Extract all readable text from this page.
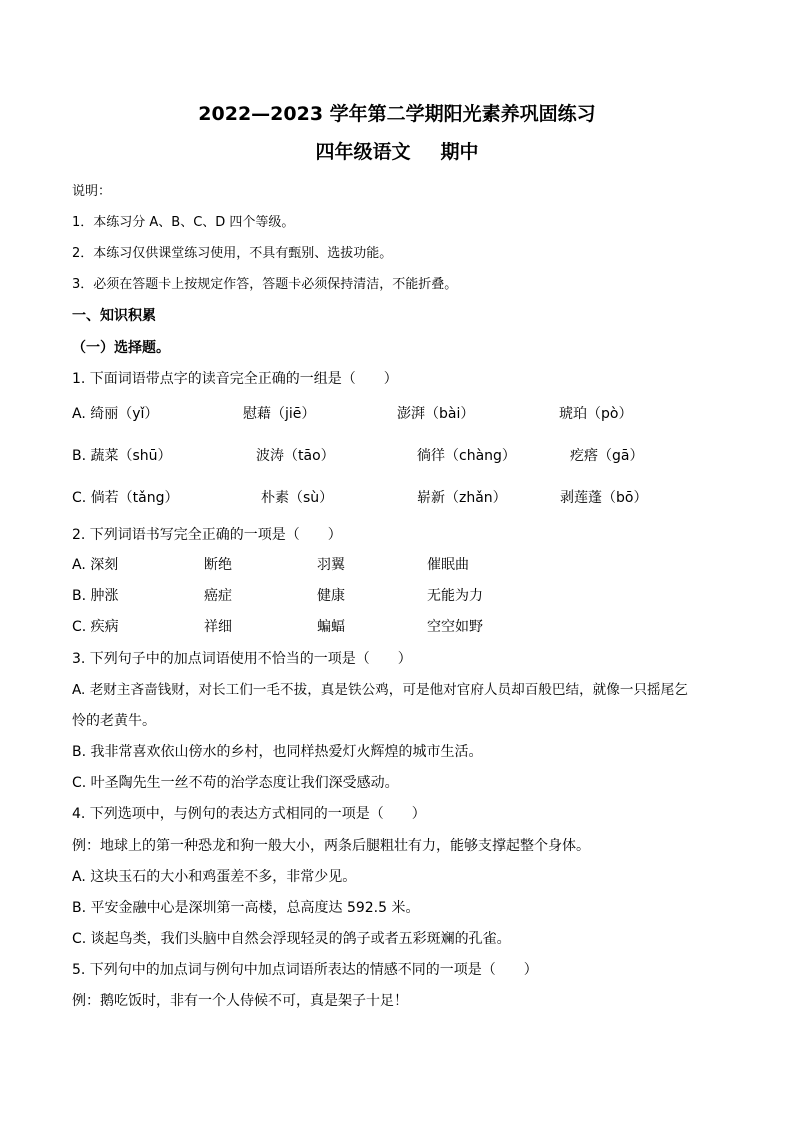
2022—2023 学年第二学期阳光素养巩固练习
四年级语文 期中
说明：
1．本练习分 A、B、C、D 四个等级。
2．本练习仅供课堂练习使用，不具有甄别、选拔功能。
3．必须在答题卡上按规定作答，答题卡必须保持清洁，不能折叠。
一、知识积累
（一）选择题。
1. 下面词语带点字的读音完全正确的一组是（　　）
A. 绮丽（yǐ）	慰藉（jiē）	澎湃（bài）	琥珀（pò）
B. 蔬菜（shū）	波涛（tāo）	徜徉（chàng）	疙瘩（gā）
C. 倘若（tǎng）	朴素（sù）	崭新（zhǎn）	剥莲蓬（bō）
2. 下列词语书写完全正确的一项是（　　）
A. 深刻	断绝	羽翼	催眠曲
B. 肿涨	癌症	健康	无能为力
C. 疾病	祥细	蝙蝠	空空如野
3. 下列句子中的加点词语使用不恰当的一项是（　　）
A. 老财主吝啬钱财，对长工们一毛不拔，真是铁公鸡，可是他对官府人员却百般巴结，就像一只摇尾乞
怜的老黄牛。
B. 我非常喜欢依山傍水的乡村，也同样热爱灯火辉煌的城市生活。
C. 叶圣陶先生一丝不苟的治学态度让我们深受感动。
4. 下列选项中，与例句的表达方式相同的一项是（　　）
例：地球上的第一种恐龙和狗一般大小，两条后腿粗壮有力，能够支撑起整个身体。
A. 这块玉石的大小和鸡蛋差不多，非常少见。
B. 平安金融中心是深圳第一高楼，总高度达 592.5 米。
C. 谈起鸟类，我们头脑中自然会浮现轻灵的鸽子或者五彩斑斓的孔雀。
5. 下列句中的加点词与例句中加点词语所表达的情感不同的一项是（　　）
例：鹅吃饭时，非有一个人侍候不可，真是架子十足！
